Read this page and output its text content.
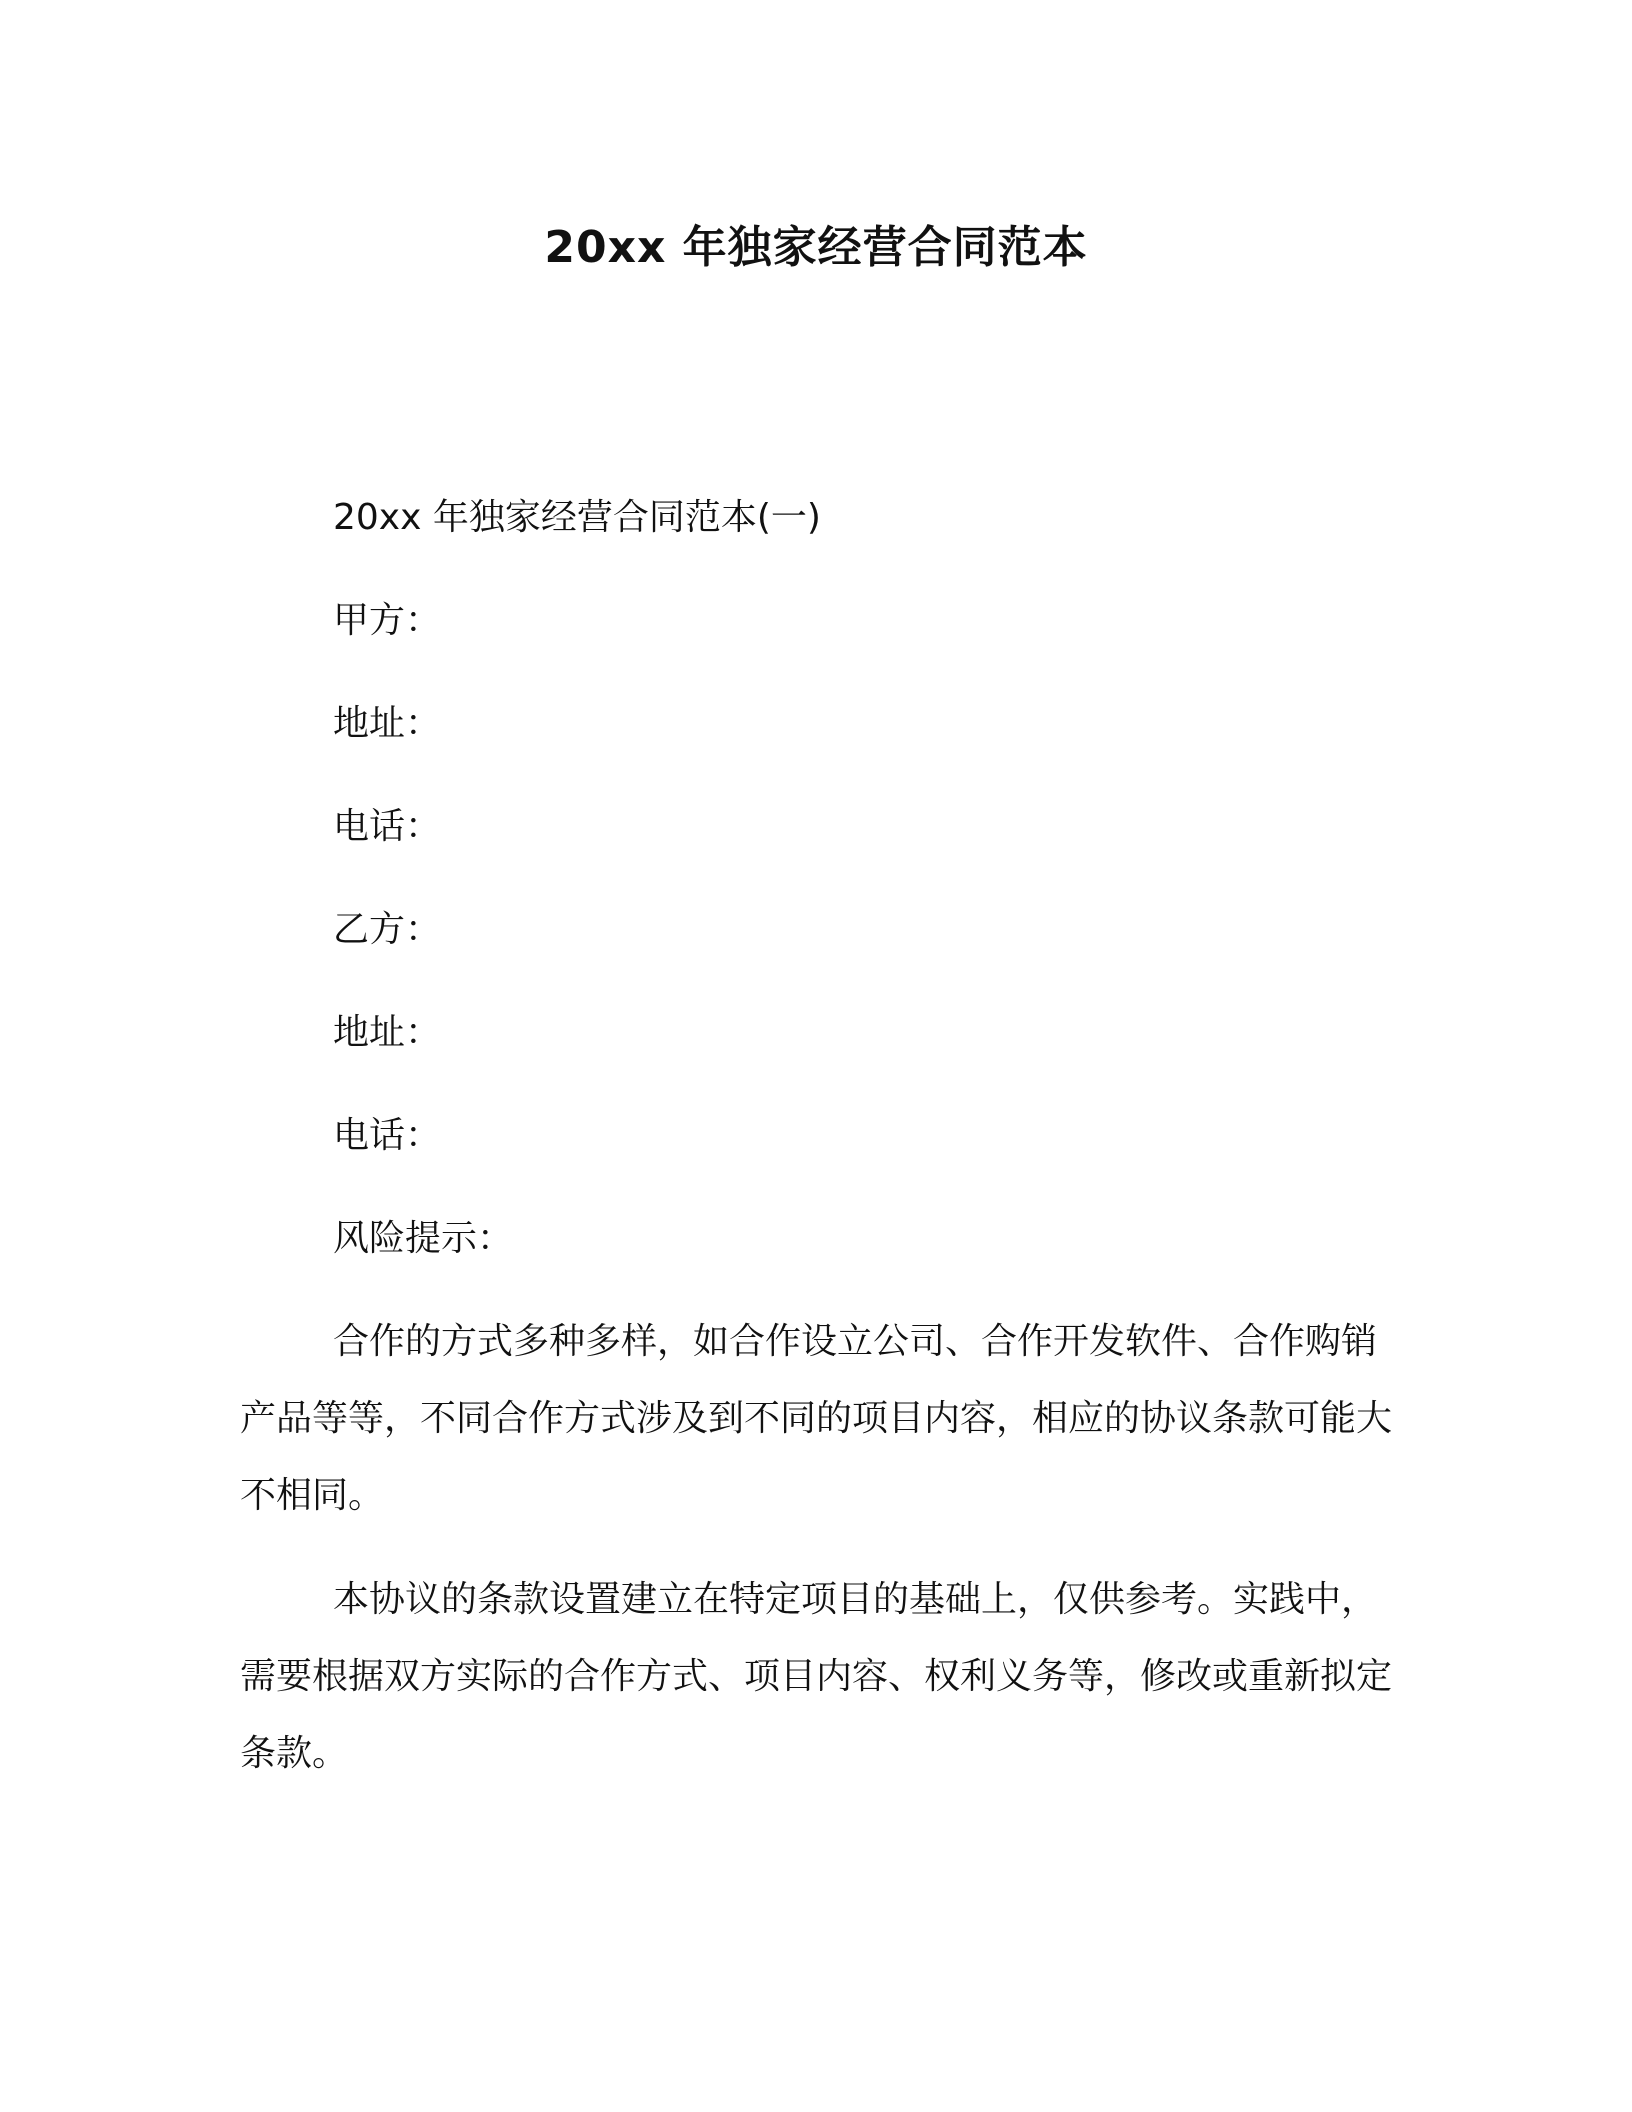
20xx 年独家经营合同范本
20xx 年独家经营合同范本(一)
甲方：
地址：
电话：
乙方：
地址：
电话：
风险提示：

合作的方式多种多样，如合作设立公司、合作开发软件、合作购销产品等等，不同合作方式涉及到不同的项目内容，相应的协议条款可能大不相同。

本协议的条款设置建立在特定项目的基础上，仅供参考。实践中，需要根据双方实际的合作方式、项目内容、权利义务等，修改或重新拟定条款。
